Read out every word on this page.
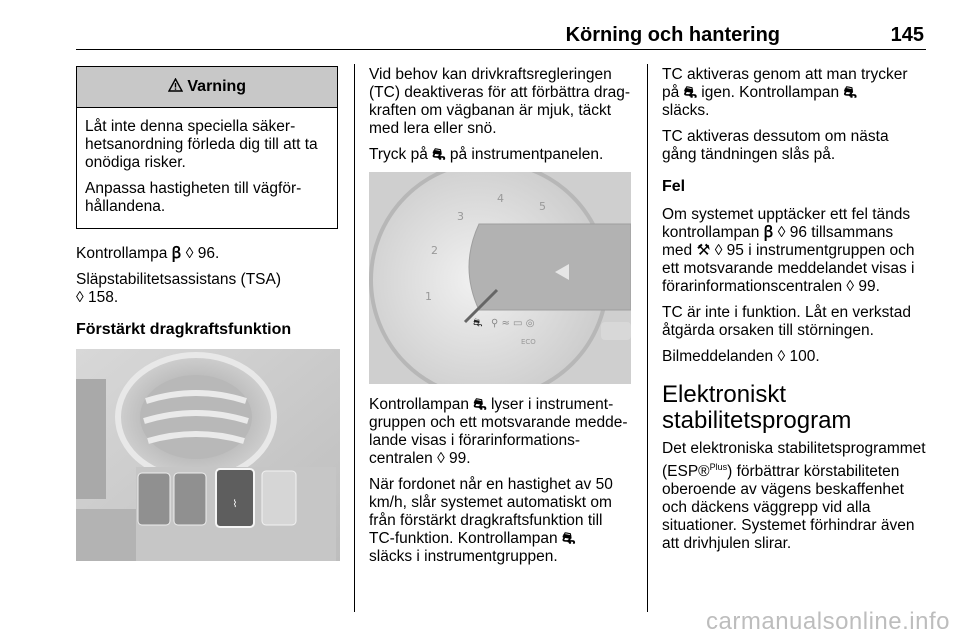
Körning och hantering	145
Varning

Låt inte denna speciella säkerhetsanordning förleda dig till att ta onödiga risker.

Anpassa hastigheten till vägförhållandena.

Kontrollampa ꞵ ◊ 96.

Släpstabilitetsassistans (TSA)
◊ 158.

Förstärkt dragkraftsfunktion
⌇

Vid behov kan drivkraftsregleringen (TC) deaktiveras för att förbättra dragkraften om vägbanan är mjuk, täckt med lera eller snö.

Tryck på ⛐ på instrumentpanelen.

1
2
3
4
5
⛐ ⚲ ≈ ▭ ◎
ECO

Kontrollampan ⛐ lyser i instrumentgruppen och ett motsvarande meddelande visas i förarinformationscentralen ◊ 99.

När fordonet når en hastighet av 50 km/h, slår systemet automatiskt om från förstärkt dragkraftsfunktion till TC-funktion. Kontrollampan ⛐
släcks i instrumentgruppen.

TC aktiveras genom att man trycker på ⛐ igen. Kontrollampan ⛐
släcks.

TC aktiveras dessutom om nästa gång tändningen slås på.

Fel

Om systemet upptäcker ett fel tänds kontrollampan ꞵ ◊ 96 tillsammans med ⚒ ◊ 95 i instrumentgruppen och ett motsvarande meddelandet visas i förarinformationscentralen ◊ 99.

TC är inte i funktion. Låt en verkstad åtgärda orsaken till störningen.

Bilmeddelanden ◊ 100.

Elektroniskt stabilitetsprogram

Det elektroniska stabilitetsprogrammet (ESP®$^{Plus}$) förbättrar körstabiliteten oberoende av vägens beskaffenhet och däckens väggrepp vid alla situationer. Systemet förhindrar även att drivhjulen slirar.

carmanualsonline.info
